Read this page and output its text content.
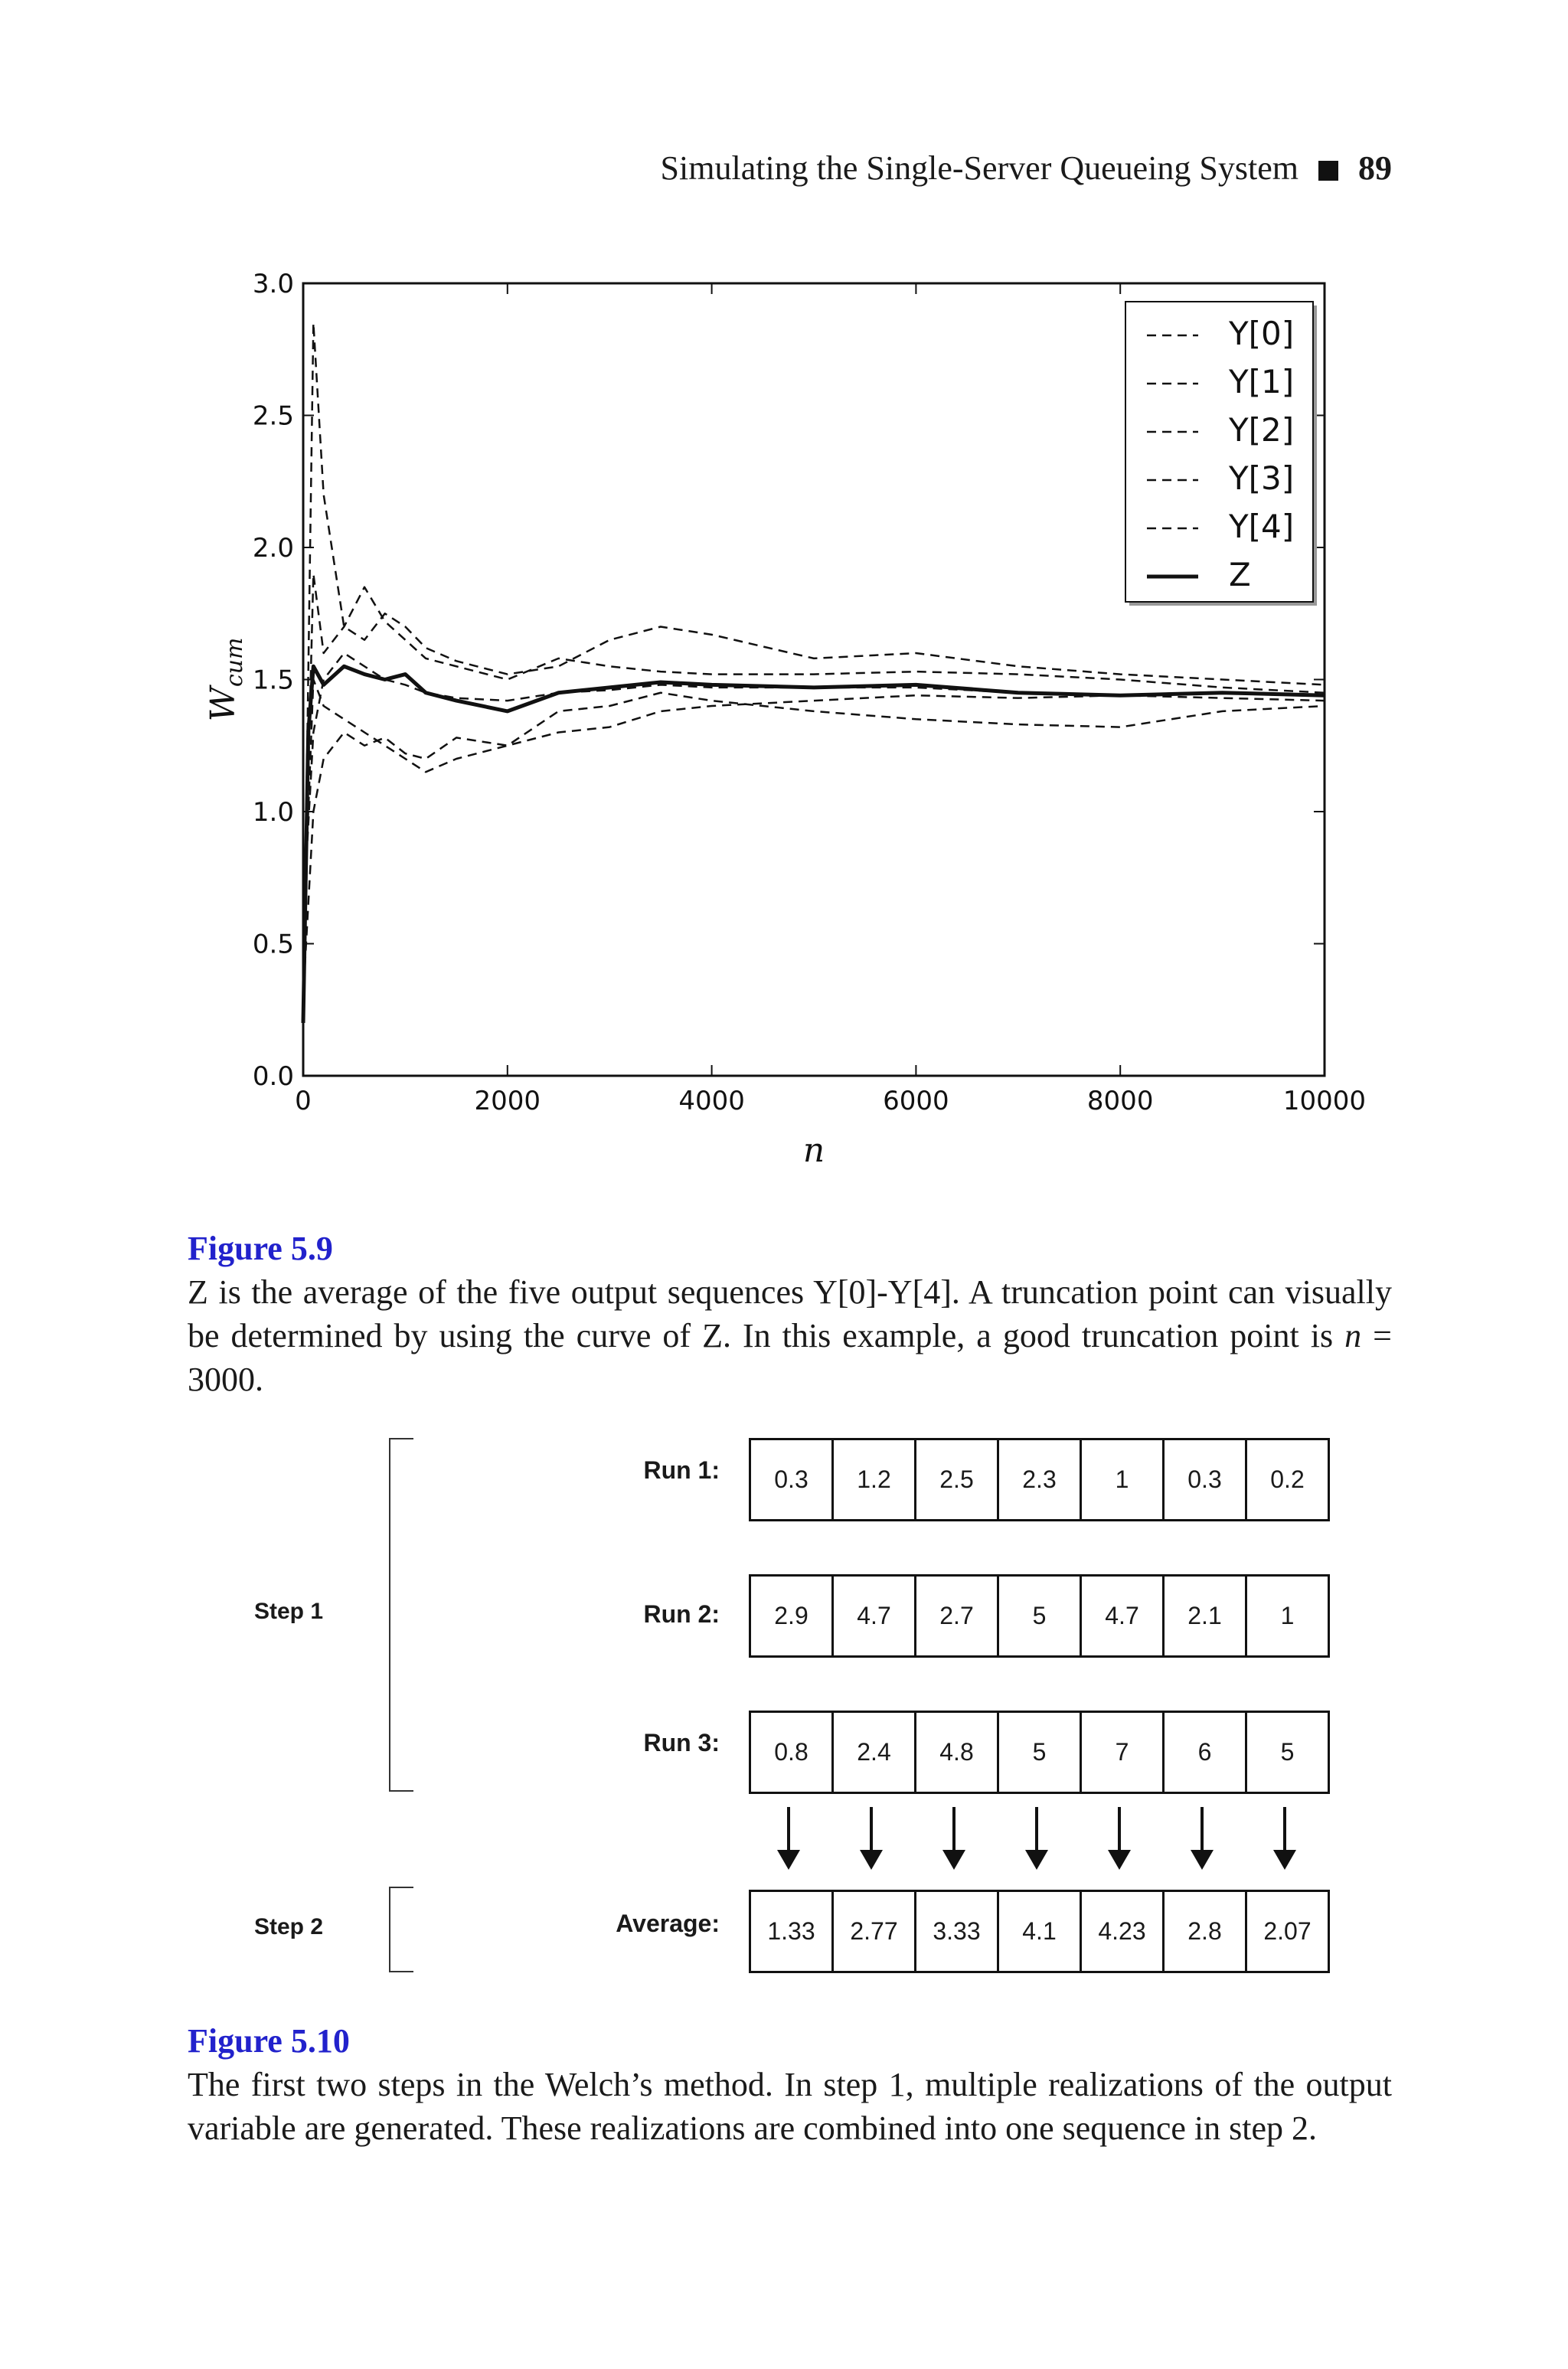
Simulating the Single-Server Queueing System 89
0	2000	4000	6000	8000	10000
0.0
0.5
1.0
1.5
2.0
2.5
3.0
n
$W_{cum}$
Y[0]
Y[1]
Y[2]
Y[3]
Y[4]
Z
Figure 5.9
Z is the average of the five output sequences Y[0]-Y[4]. A truncation point can visually be determined by using the curve of Z. In this example, a good truncation point is n = 3000.
Step 1
Step 2
Run 1:	0.3	1.2	2.5	2.3	1	0.3	0.2
Run 2:	2.9	4.7	2.7	5	4.7	2.1	1
Run 3:	0.8	2.4	4.8	5	7	6	5
Average:	1.33	2.77	3.33	4.1	4.23	2.8	2.07
Figure 5.10
The first two steps in the Welch’s method. In step 1, multiple realizations of the output variable are generated. These realizations are combined into one sequence in step 2.
